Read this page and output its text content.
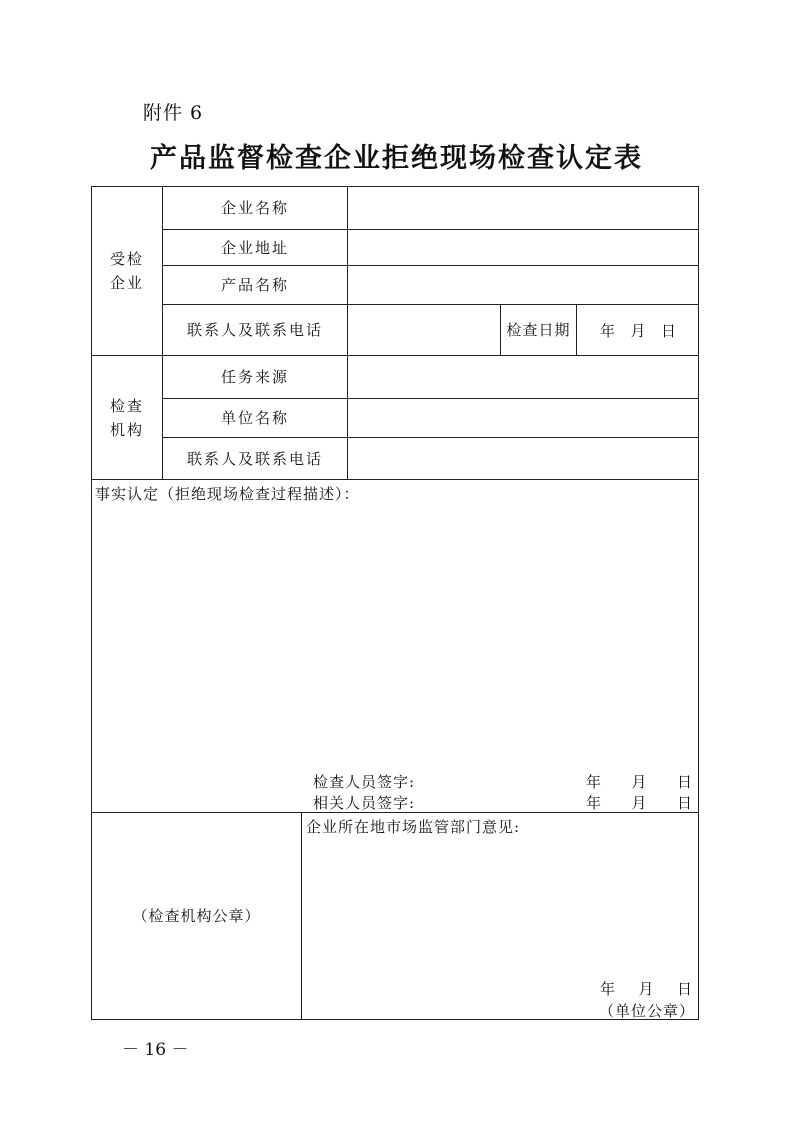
附件 6
产品监督检查企业拒绝现场检查认定表
受检
企业
企业名称
企业地址
产品名称
联系人及联系电话	检查日期	年 月 日
检查
机构
任务来源
单位名称
联系人及联系电话
事实认定（拒绝现场检查过程描述）：
检查人员签字:	年 月 日
相关人员签字:	年 月 日
（检查机构公章）
企业所在地市场监管部门意见:
年 月 日
（单位公章）
－ 16 －
